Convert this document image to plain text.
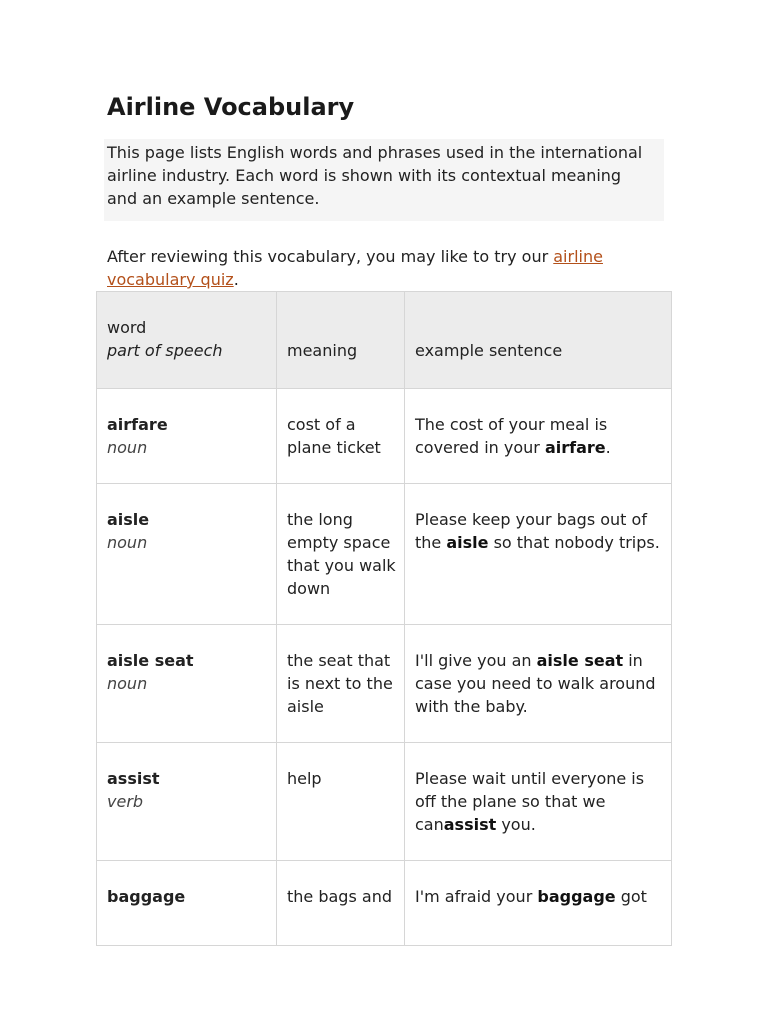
Airline Vocabulary
This page lists English words and phrases used in the international
airline industry. Each word is shown with its contextual meaning
and an example sentence.

After reviewing this vocabulary, you may like to try our airline vocabulary quiz.

word
part of speech	meaning	example sentence

airfare
noun	cost of a plane ticket	The cost of your meal is covered in your airfare.

aisle
noun	the long empty space that you walk down	Please keep your bags out of the aisle so that nobody trips.

aisle seat
noun	the seat that is next to the aisle	I'll give you an aisle seat in case you need to walk around with the baby.

assist
verb	help	Please wait until everyone is off the plane so that we canassist you.

baggage	the bags and	I'm afraid your baggage got
